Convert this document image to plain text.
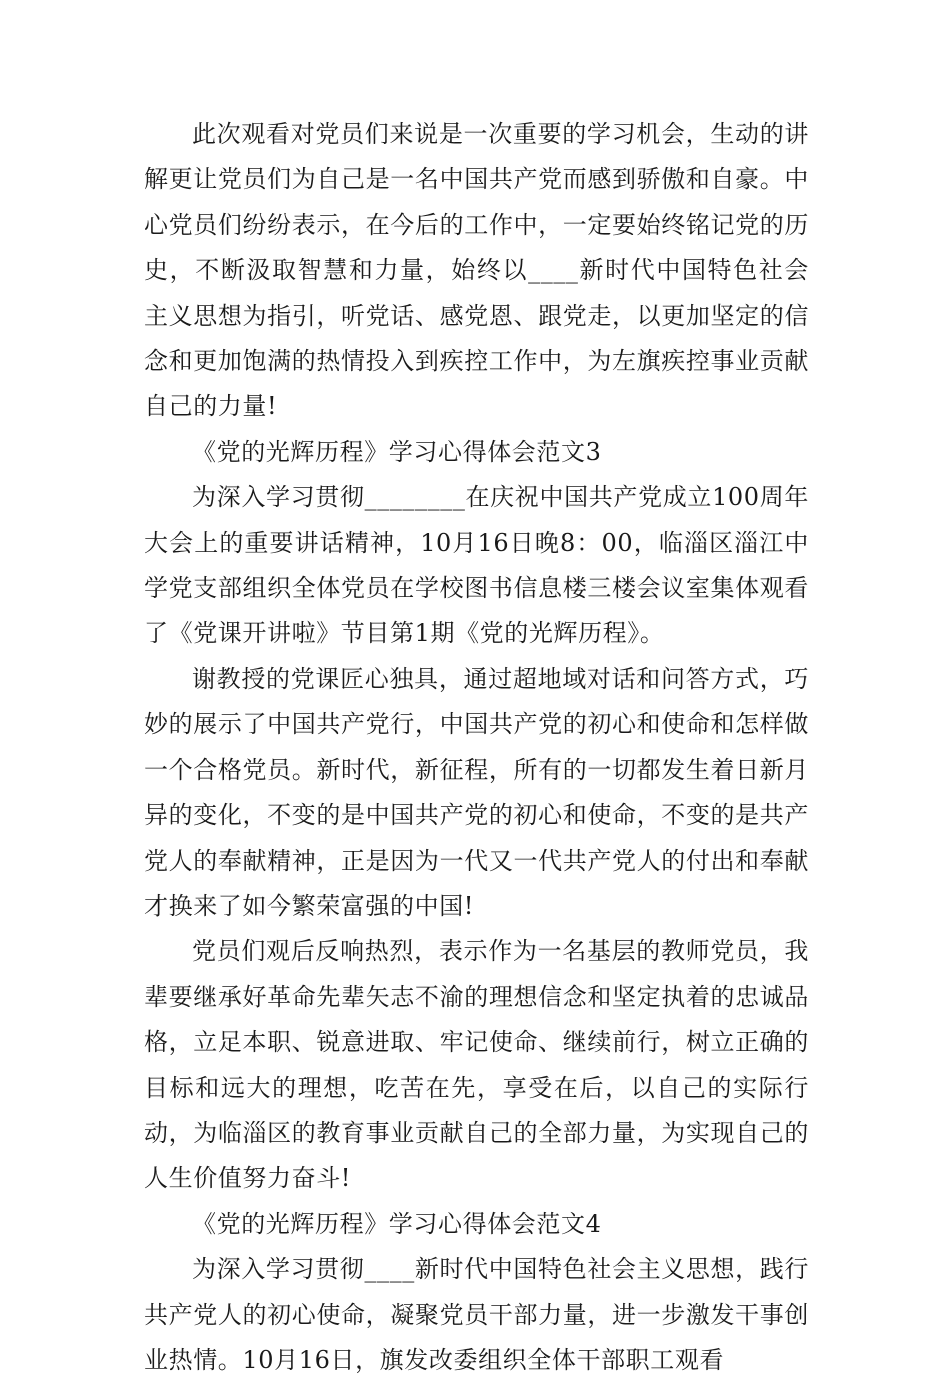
此次观看对党员们来说是一次重要的学习机会，生动的讲解更让党员们为自己是一名中国共产党而感到骄傲和自豪。中心党员们纷纷表示，在今后的工作中，一定要始终铭记党的历史，不断汲取智慧和力量，始终以____新时代中国特色社会主义思想为指引，听党话、感党恩、跟党走，以更加坚定的信念和更加饱满的热情投入到疾控工作中，为左旗疾控事业贡献自己的力量!

《党的光辉历程》学习心得体会范文3

为深入学习贯彻________在庆祝中国共产党成立100周年大会上的重要讲话精神，10月16日晚8：00，临淄区淄江中学党支部组织全体党员在学校图书信息楼三楼会议室集体观看了《党课开讲啦》节目第1期《党的光辉历程》。

谢教授的党课匠心独具，通过超地域对话和问答方式，巧妙的展示了中国共产党行，中国共产党的初心和使命和怎样做一个合格党员。新时代，新征程，所有的一切都发生着日新月异的变化，不变的是中国共产党的初心和使命，不变的是共产党人的奉献精神，正是因为一代又一代共产党人的付出和奉献才换来了如今繁荣富强的中国!

党员们观后反响热烈，表示作为一名基层的教师党员，我辈要继承好革命先辈矢志不渝的理想信念和坚定执着的忠诚品格，立足本职、锐意进取、牢记使命、继续前行，树立正确的目标和远大的理想，吃苦在先，享受在后，以自己的实际行动，为临淄区的教育事业贡献自己的全部力量，为实现自己的人生价值努力奋斗!

《党的光辉历程》学习心得体会范文4

为深入学习贯彻____新时代中国特色社会主义思想，践行共产党人的初心使命，凝聚党员干部力量，进一步激发干事创业热情。10月16日，旗发改委组织全体干部职工观看
